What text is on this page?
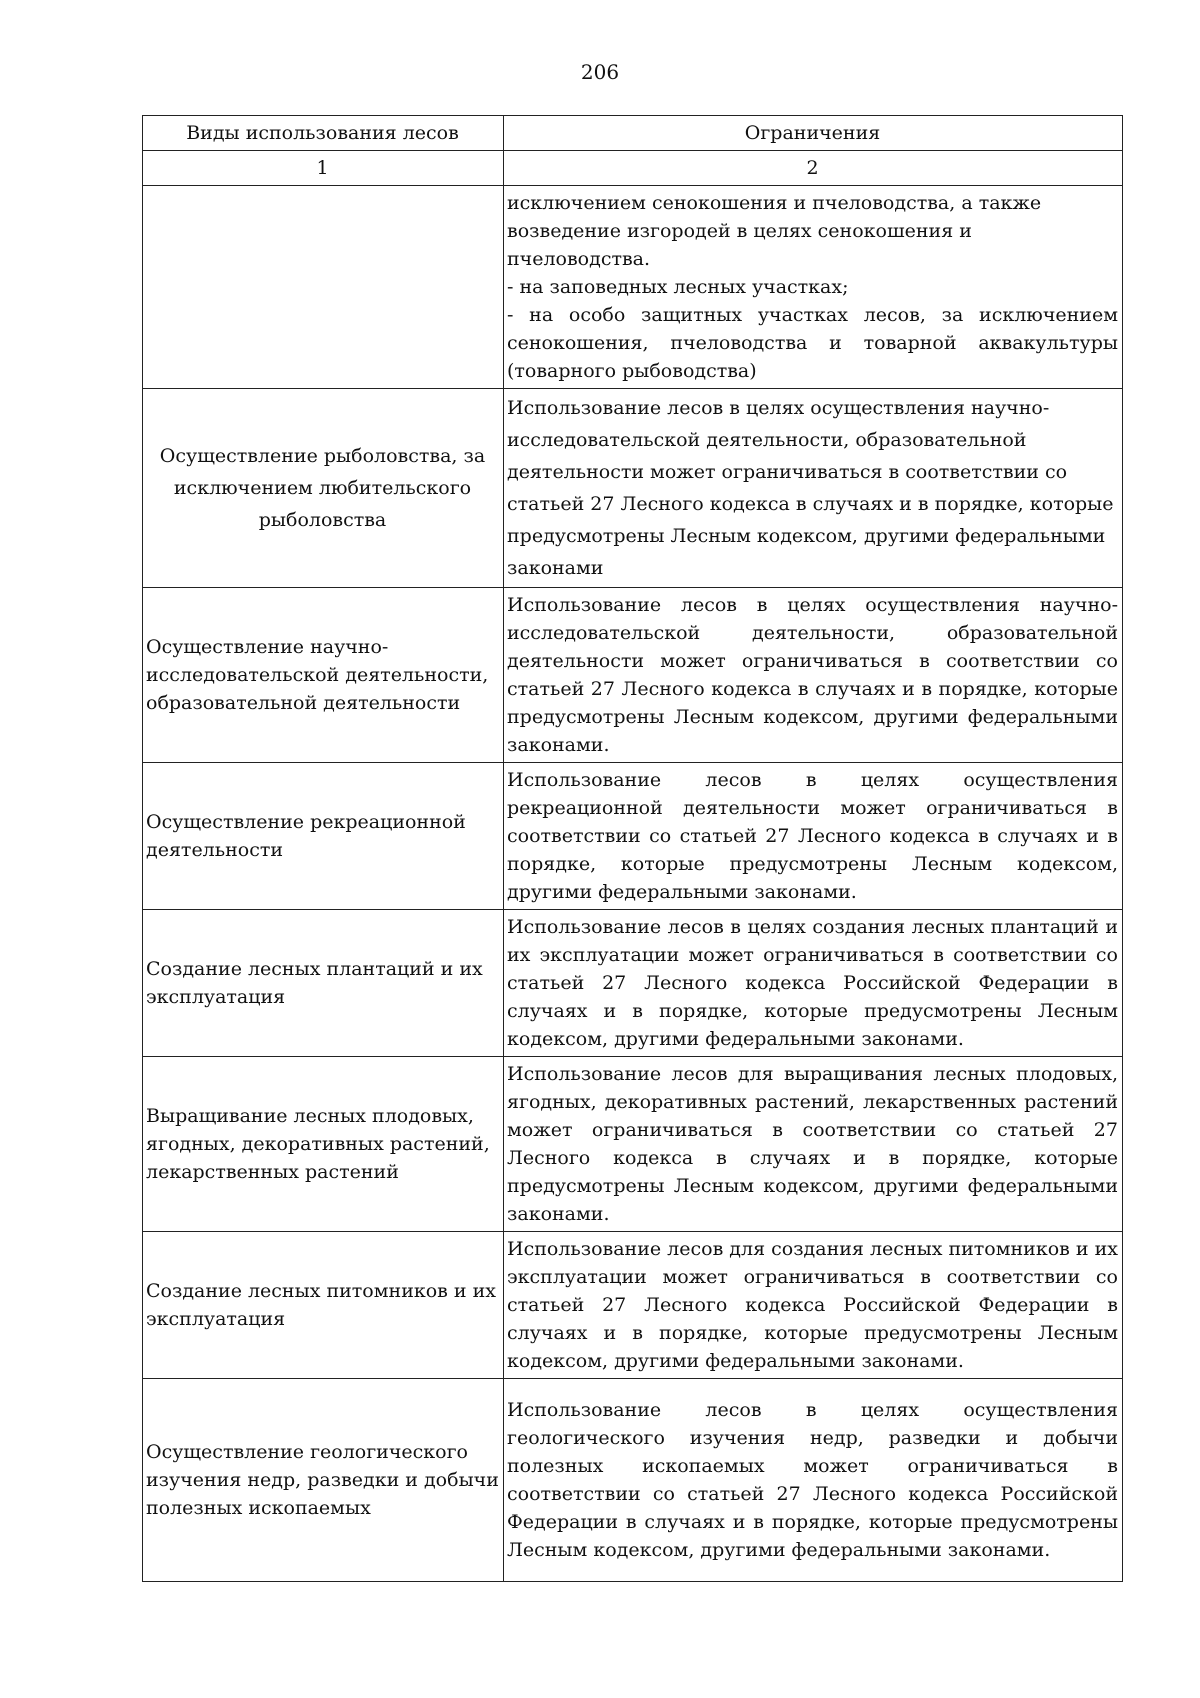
206
Виды использования лесов	Ограничения
1	2

	исключением сенокошения и пчеловодства, а также
возведение изгородей в целях сенокошения и
пчеловодства.
- на заповедных лесных участках;
- на особо защитных участках лесов, за исключением сенокошения, пчеловодства и товарной аквакультуры (товарного рыбоводства)

Осуществление рыболовства, за исключением любительского рыболовства	Использование лесов в целях осуществления научно-исследовательской деятельности, образовательной деятельности может ограничиваться в соответствии со статьей 27 Лесного кодекса в случаях и в порядке, которые предусмотрены Лесным кодексом, другими федеральными законами
Осуществление научно-исследовательской деятельности, образовательной деятельности	Использование лесов в целях осуществления научно-исследовательской деятельности, образовательной деятельности может ограничиваться в соответствии со статьей 27 Лесного кодекса в случаях и в порядке, которые предусмотрены Лесным кодексом, другими федеральными законами.
Осуществление рекреационной деятельности	Использование лесов в целях осуществления рекреационной деятельности может ограничиваться в соответствии со статьей 27 Лесного кодекса в случаях и в порядке, которые предусмотрены Лесным кодексом, другими федеральными законами.
Создание лесных плантаций и их эксплуатация	Использование лесов в целях создания лесных плантаций и их эксплуатации может ограничиваться в соответствии со статьей 27 Лесного кодекса Российской Федерации в случаях и в порядке, которые предусмотрены Лесным кодексом, другими федеральными законами.
Выращивание лесных плодовых, ягодных, декоративных растений, лекарственных растений	Использование лесов для выращивания лесных плодовых, ягодных, декоративных растений, лекарственных растений может ограничиваться в соответствии со статьей 27 Лесного кодекса в случаях и в порядке, которые предусмотрены Лесным кодексом, другими федеральными законами.
Создание лесных питомников и их эксплуатация	Использование лесов для создания лесных питомников и их эксплуатации может ограничиваться в соответствии со статьей 27 Лесного кодекса Российской Федерации в случаях и в порядке, которые предусмотрены Лесным кодексом, другими федеральными законами.
Осуществление геологического изучения недр, разведки и добычи полезных ископаемых	Использование лесов в целях осуществления геологического изучения недр, разведки и добычи полезных ископаемых может ограничиваться в соответствии со статьей 27 Лесного кодекса Российской Федерации в случаях и в порядке, которые предусмотрены Лесным кодексом, другими федеральными законами.
